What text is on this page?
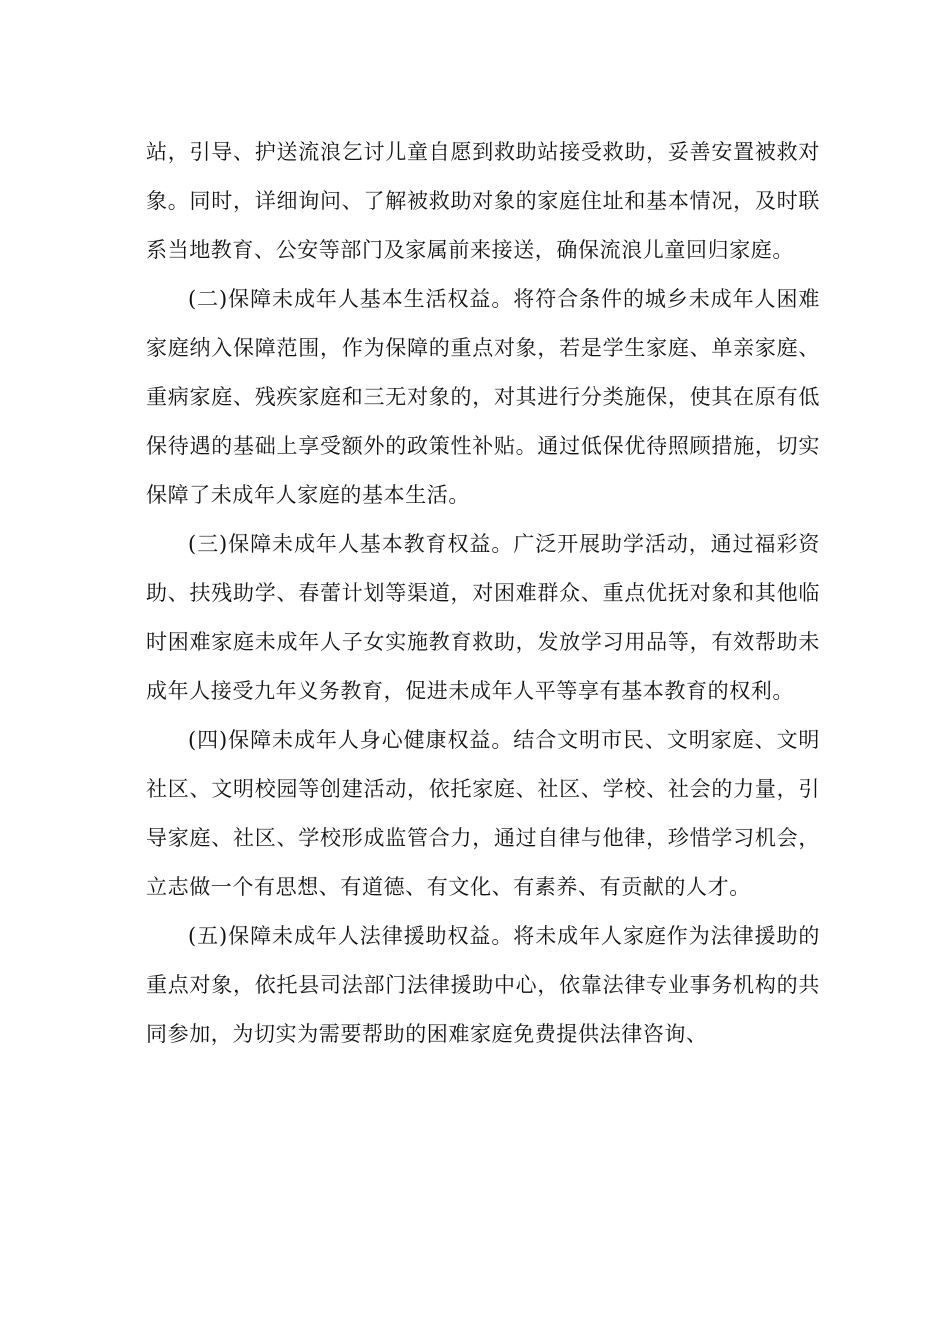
站，引导、护送流浪乞讨儿童自愿到救助站接受救助，妥善安置被救对象。同时，详细询问、了解被救助对象的家庭住址和基本情况，及时联系当地教育、公安等部门及家属前来接送，确保流浪儿童回归家庭。

(二)保障未成年人基本生活权益。将符合条件的城乡未成年人困难家庭纳入保障范围，作为保障的重点对象，若是学生家庭、单亲家庭、重病家庭、残疾家庭和三无对象的，对其进行分类施保，使其在原有低保待遇的基础上享受额外的政策性补贴。通过低保优待照顾措施，切实保障了未成年人家庭的基本生活。

(三)保障未成年人基本教育权益。广泛开展助学活动，通过福彩资助、扶残助学、春蕾计划等渠道，对困难群众、重点优抚对象和其他临时困难家庭未成年人子女实施教育救助，发放学习用品等，有效帮助未成年人接受九年义务教育，促进未成年人平等享有基本教育的权利。

(四)保障未成年人身心健康权益。结合文明市民、文明家庭、文明社区、文明校园等创建活动，依托家庭、社区、学校、社会的力量，引导家庭、社区、学校形成监管合力，通过自律与他律，珍惜学习机会，立志做一个有思想、有道德、有文化、有素养、有贡献的人才。

(五)保障未成年人法律援助权益。将未成年人家庭作为法律援助的重点对象，依托县司法部门法律援助中心，依靠法律专业事务机构的共同参加，为切实为需要帮助的困难家庭免费提供法律咨询、
